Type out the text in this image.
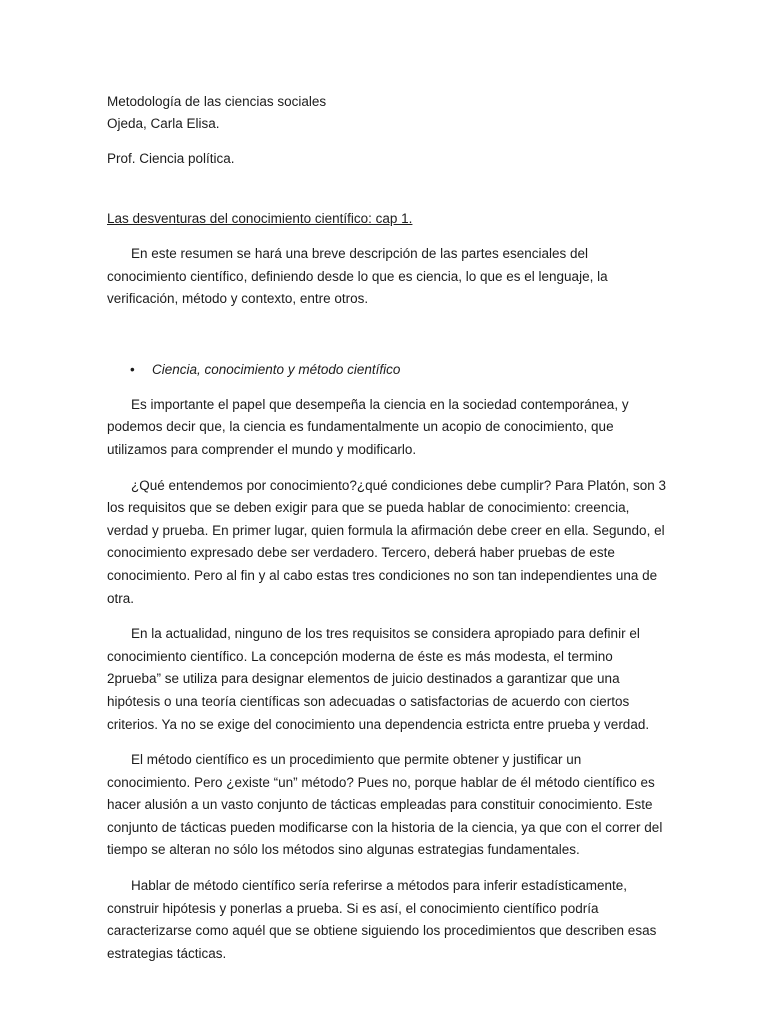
Metodología de las ciencias sociales
Ojeda, Carla Elisa.
Prof. Ciencia política.
Las desventuras del conocimiento científico: cap 1.

En este resumen se hará una breve descripción de las partes esenciales del conocimiento científico, definiendo desde lo que es ciencia, lo que es el lenguaje, la verificación, método y contexto, entre otros.

• Ciencia, conocimiento y método científico

Es importante el papel que desempeña la ciencia en la sociedad contemporánea, y podemos decir que, la ciencia es fundamentalmente un acopio de conocimiento, que utilizamos para comprender el mundo y modificarlo.

¿Qué entendemos por conocimiento?¿qué condiciones debe cumplir? Para Platón, son 3 los requisitos que se deben exigir para que se pueda hablar de conocimiento: creencia, verdad y prueba. En primer lugar, quien formula la afirmación debe creer en ella. Segundo, el conocimiento expresado debe ser verdadero. Tercero, deberá haber pruebas de este conocimiento. Pero al fin y al cabo estas tres condiciones no son tan independientes una de otra.

En la actualidad, ninguno de los tres requisitos se considera apropiado para definir el conocimiento científico. La concepción moderna de éste es más modesta, el termino 2prueba” se utiliza para designar elementos de juicio destinados a garantizar que una hipótesis o una teoría científicas son adecuadas o satisfactorias de acuerdo con ciertos criterios. Ya no se exige del conocimiento una dependencia estricta entre prueba y verdad.

El método científico es un procedimiento que permite obtener y justificar un conocimiento. Pero ¿existe “un” método? Pues no, porque hablar de él método científico es hacer alusión a un vasto conjunto de tácticas empleadas para constituir conocimiento. Este conjunto de tácticas pueden modificarse con la historia de la ciencia, ya que con el correr del tiempo se alteran no sólo los métodos sino algunas estrategias fundamentales.

Hablar de método científico sería referirse a métodos para inferir estadísticamente, construir hipótesis y ponerlas a prueba. Si es así, el conocimiento científico podría caracterizarse como aquél que se obtiene siguiendo los procedimientos que describen esas estrategias tácticas.
